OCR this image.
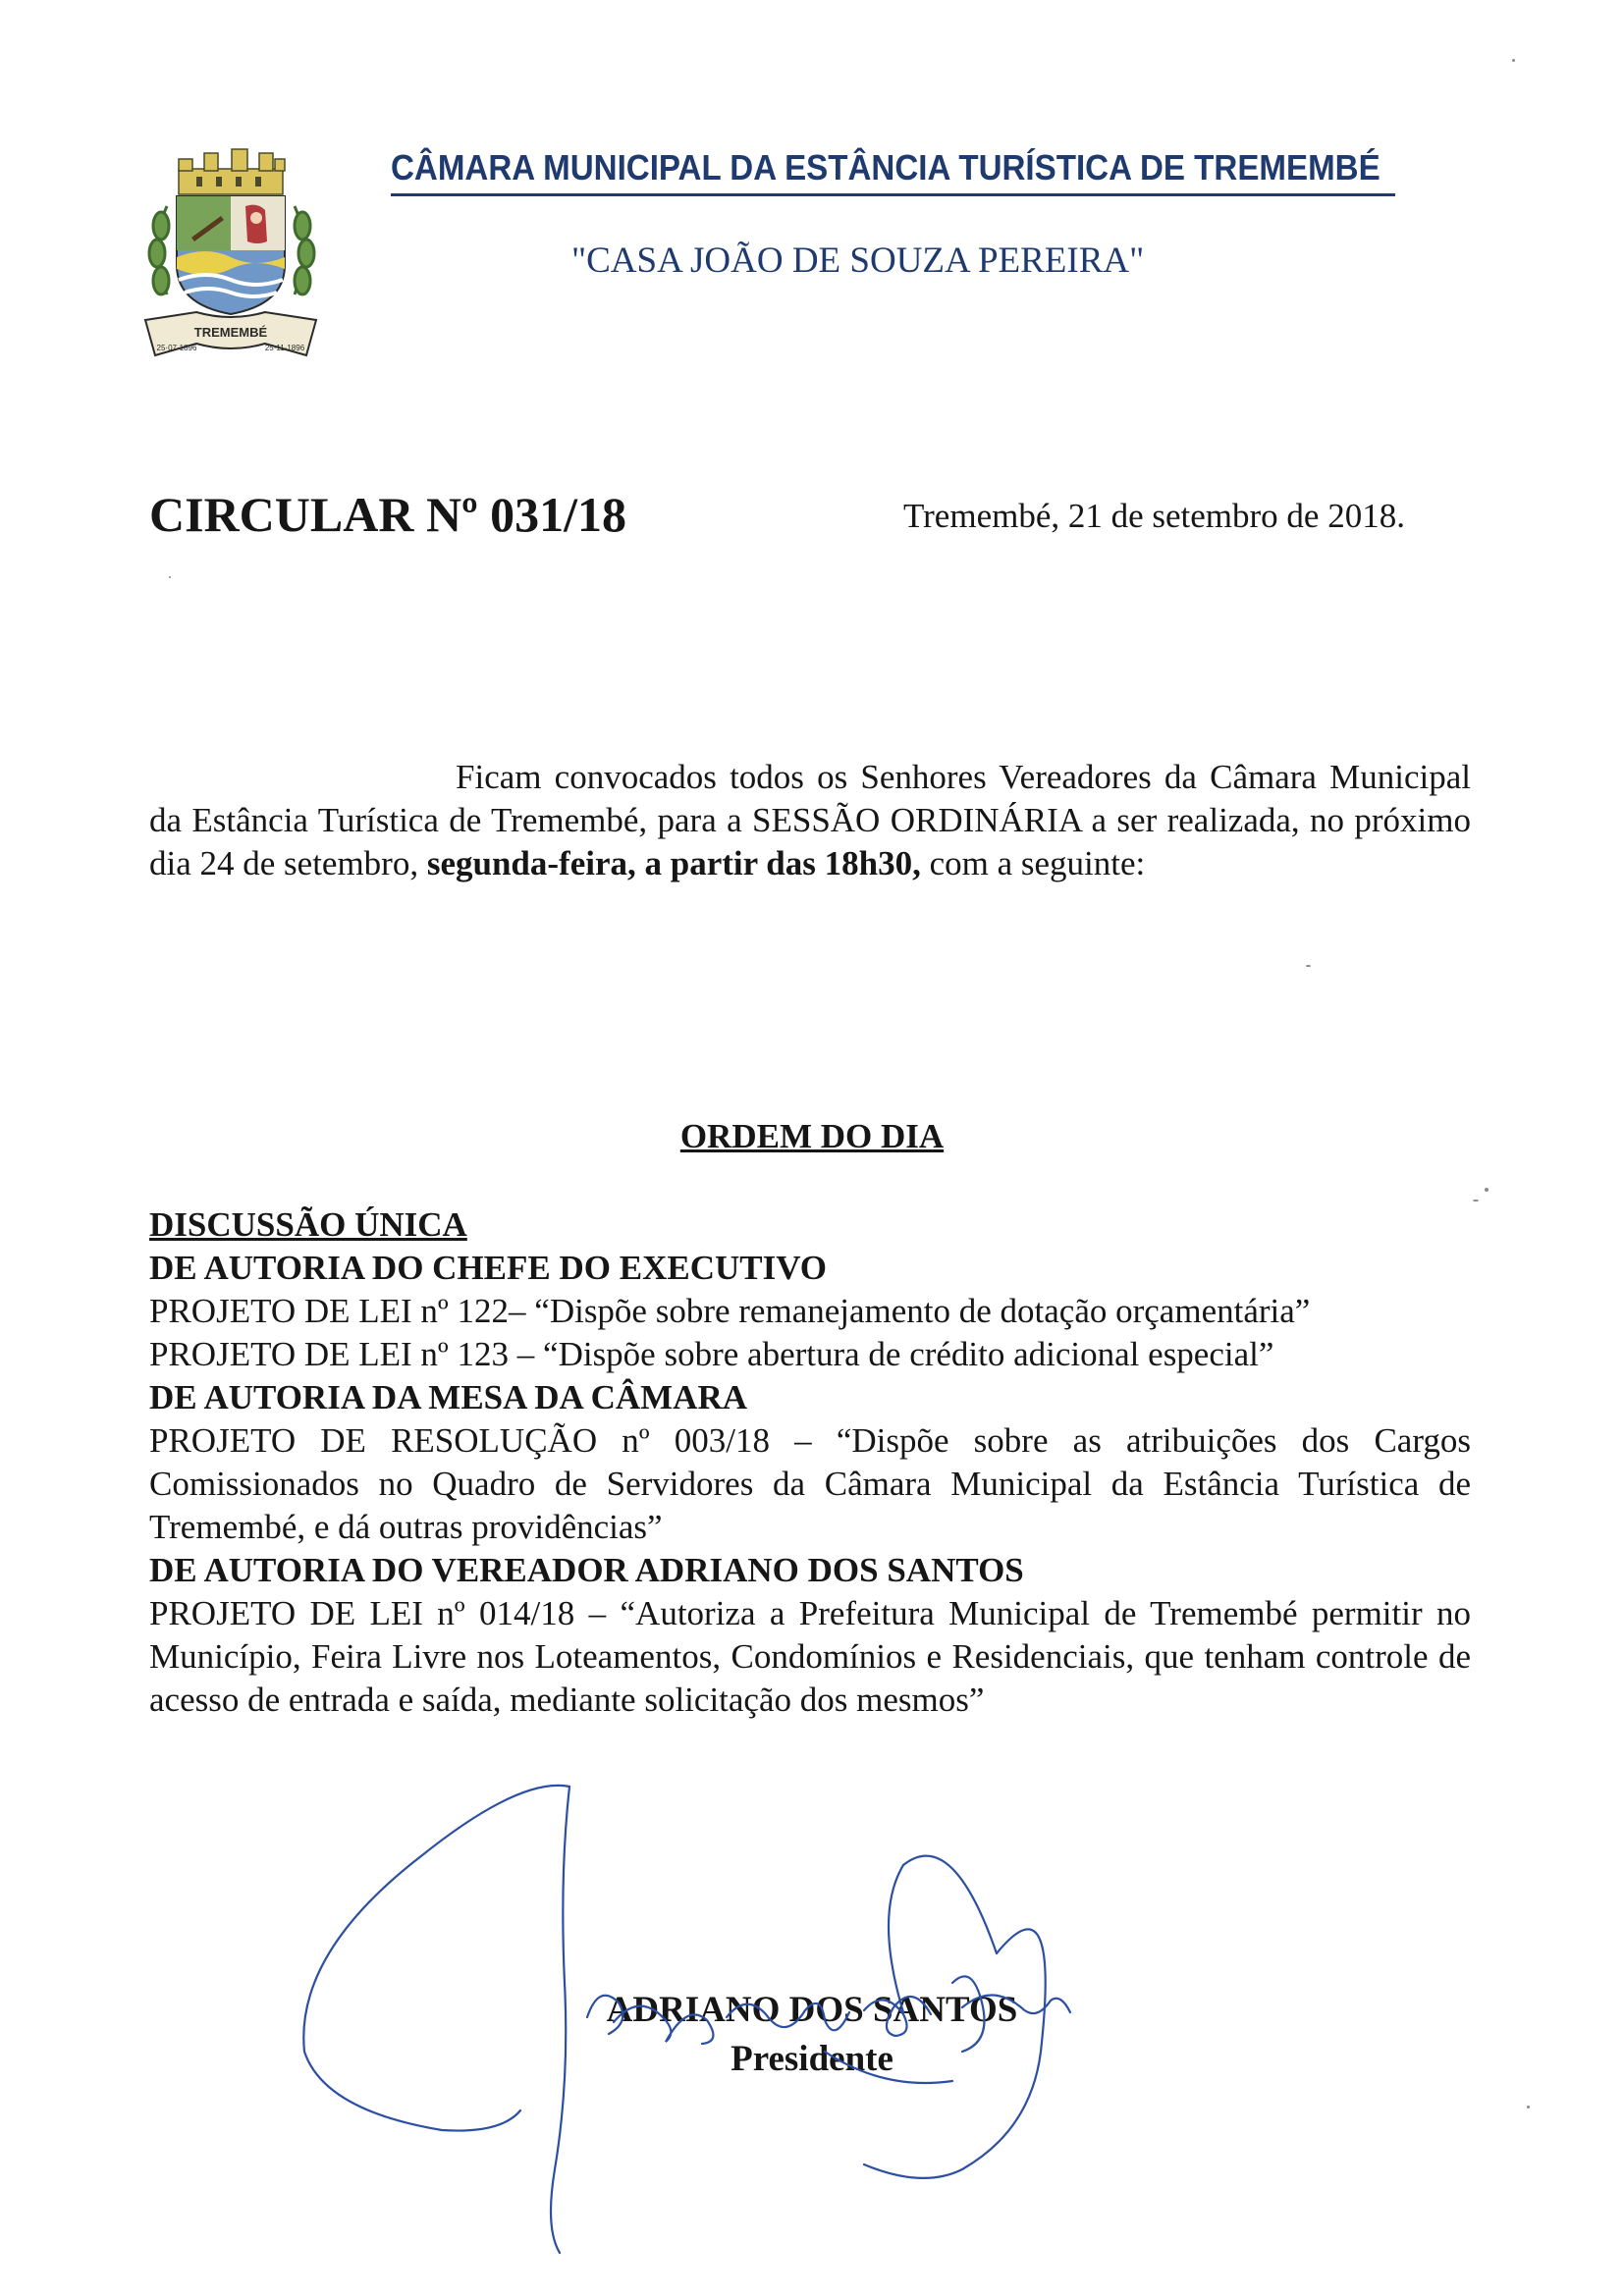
TREMEMBÉ
25·07·1896	25·11·1896
CÂMARA MUNICIPAL DA ESTÂNCIA TURÍSTICA DE TREMEMBÉ
"CASA JOÃO DE SOUZA PEREIRA"
CIRCULAR Nº 031/18	Tremembé, 21 de setembro de 2018.
Ficam convocados todos os Senhores Vereadores da Câmara Municipal da Estância Turística de Tremembé, para a SESSÃO ORDINÁRIA a ser realizada, no próximo dia 24 de setembro, segunda-feira, a partir das 18h30, com a seguinte:
ORDEM DO DIA

DISCUSSÃO ÚNICA

DE AUTORIA DO CHEFE DO EXECUTIVO

PROJETO DE LEI nº 122– “Dispõe sobre remanejamento de dotação orçamentária”

PROJETO DE LEI nº 123 – “Dispõe sobre abertura de crédito adicional especial”

DE AUTORIA DA MESA DA CÂMARA

PROJETO DE RESOLUÇÃO nº 003/18 – “Dispõe sobre as atribuições dos Cargos Comissionados no Quadro de Servidores da Câmara Municipal da Estância Turística de Tremembé, e dá outras providências”

DE AUTORIA DO VEREADOR ADRIANO DOS SANTOS

PROJETO DE LEI nº 014/18 – “Autoriza a Prefeitura Municipal de Tremembé permitir no Município, Feira Livre nos Loteamentos, Condomínios e Residenciais, que tenham controle de acesso de entrada e saída, mediante solicitação dos mesmos”

ADRIANO DOS SANTOS
Presidente
